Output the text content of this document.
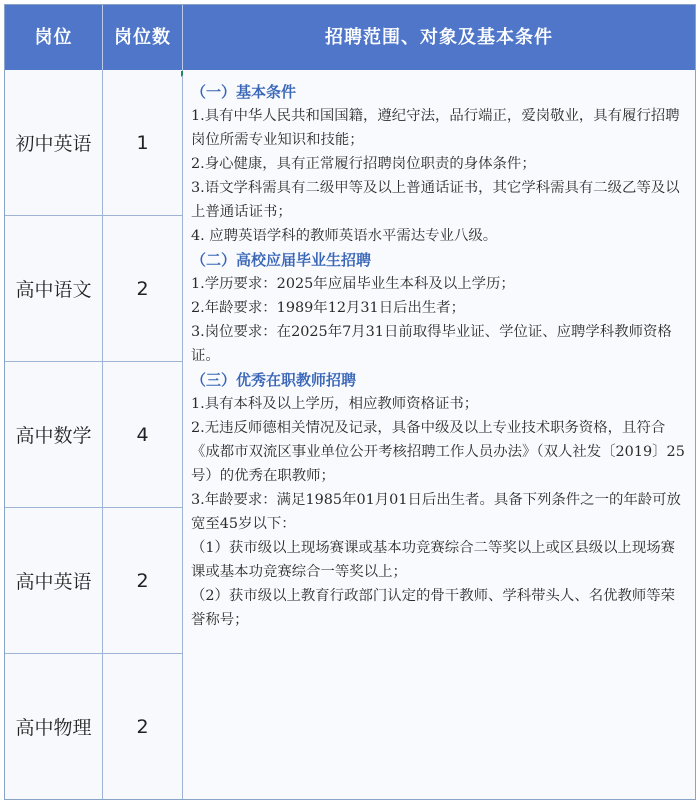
岗位	岗位数	招聘范围、对象及基本条件
初中英语	1
高中语文	2
高中数学	4
高中英语	2
高中物理	2

（一）基本条件

1.具有中华人民共和国国籍，遵纪守法，品行端正，爱岗敬业，具有履行招聘岗位所需专业知识和技能；

2.身心健康，具有正常履行招聘岗位职责的身体条件；

3.语文学科需具有二级甲等及以上普通话证书，其它学科需具有二级乙等及以上普通话证书；

4. 应聘英语学科的教师英语水平需达专业八级。

（二）高校应届毕业生招聘

1.学历要求：2025年应届毕业生本科及以上学历；

2.年龄要求：1989年12月31日后出生者；

3.岗位要求：在2025年7月31日前取得毕业证、学位证、应聘学科教师资格证。

（三）优秀在职教师招聘

1.具有本科及以上学历，相应教师资格证书；

2.无违反师德相关情况及记录，具备中级及以上专业技术职务资格，且符合《成都市双流区事业单位公开考核招聘工作人员办法》（双人社发〔2019〕25号）的优秀在职教师；

3.年龄要求：满足1985年01月01日后出生者。具备下列条件之一的年龄可放宽至45岁以下：

（1）获市级以上现场赛课或基本功竞赛综合二等奖以上或区县级以上现场赛课或基本功竞赛综合一等奖以上；

（2）获市级以上教育行政部门认定的骨干教师、学科带头人、名优教师等荣誉称号；
